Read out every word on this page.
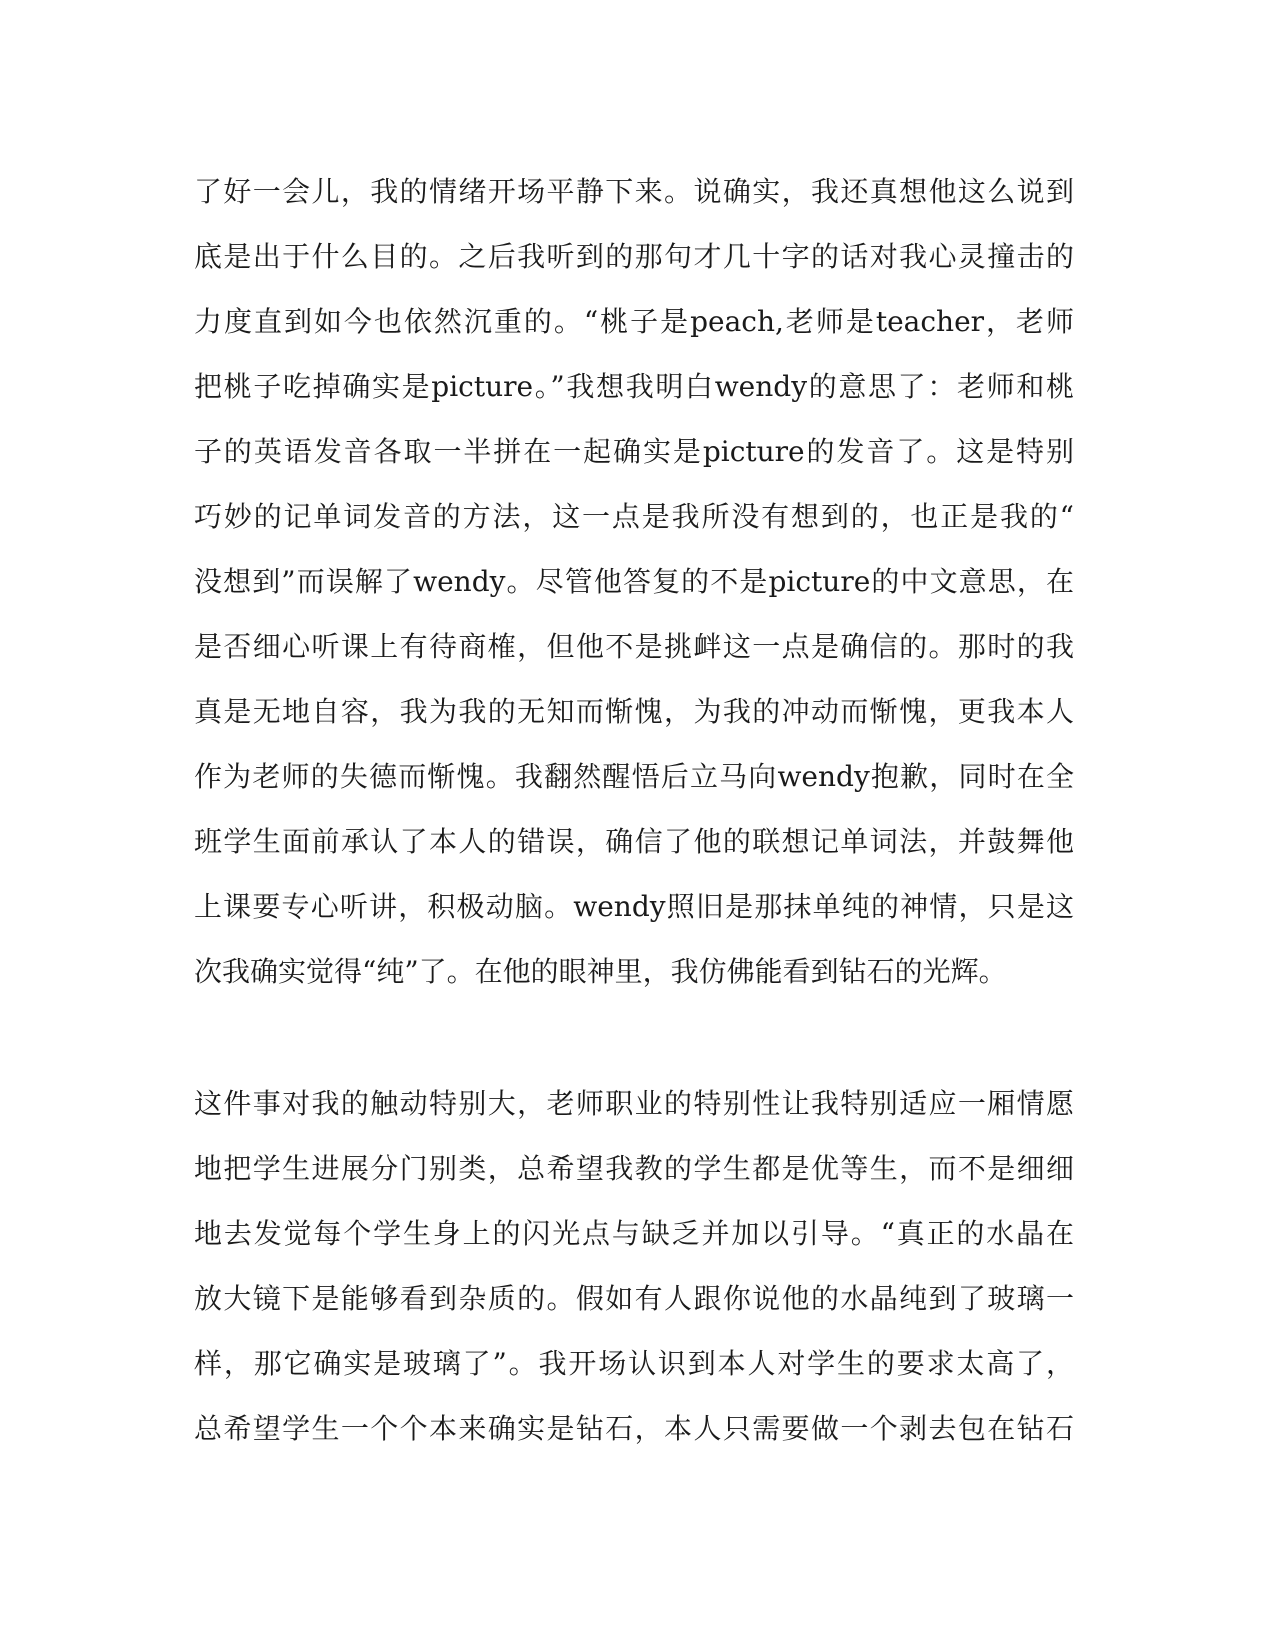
了好一会儿，我的情绪开场平静下来。说确实，我还真想他这么说到
底是出于什么目的。之后我听到的那句才几十字的话对我心灵撞击的
力度直到如今也依然沉重的。“桃子是peach,老师是teacher，老师
把桃子吃掉确实是picture。”我想我明白wendy的意思了：老师和桃
子的英语发音各取一半拼在一起确实是picture的发音了。这是特别
巧妙的记单词发音的方法，这一点是我所没有想到的，也正是我的“
没想到”而误解了wendy。尽管他答复的不是picture的中文意思，在
是否细心听课上有待商榷，但他不是挑衅这一点是确信的。那时的我
真是无地自容，我为我的无知而惭愧，为我的冲动而惭愧，更我本人
作为老师的失德而惭愧。我翻然醒悟后立马向wendy抱歉，同时在全
班学生面前承认了本人的错误，确信了他的联想记单词法，并鼓舞他
上课要专心听讲，积极动脑。wendy照旧是那抹单纯的神情，只是这
次我确实觉得“纯”了。在他的眼神里，我仿佛能看到钻石的光辉。
这件事对我的触动特别大，老师职业的特别性让我特别适应一厢情愿
地把学生进展分门别类，总希望我教的学生都是优等生，而不是细细
地去发觉每个学生身上的闪光点与缺乏并加以引导。“真正的水晶在
放大镜下是能够看到杂质的。假如有人跟你说他的水晶纯到了玻璃一
样，那它确实是玻璃了”。我开场认识到本人对学生的要求太高了，
总希望学生一个个本来确实是钻石，本人只需要做一个剥去包在钻石
